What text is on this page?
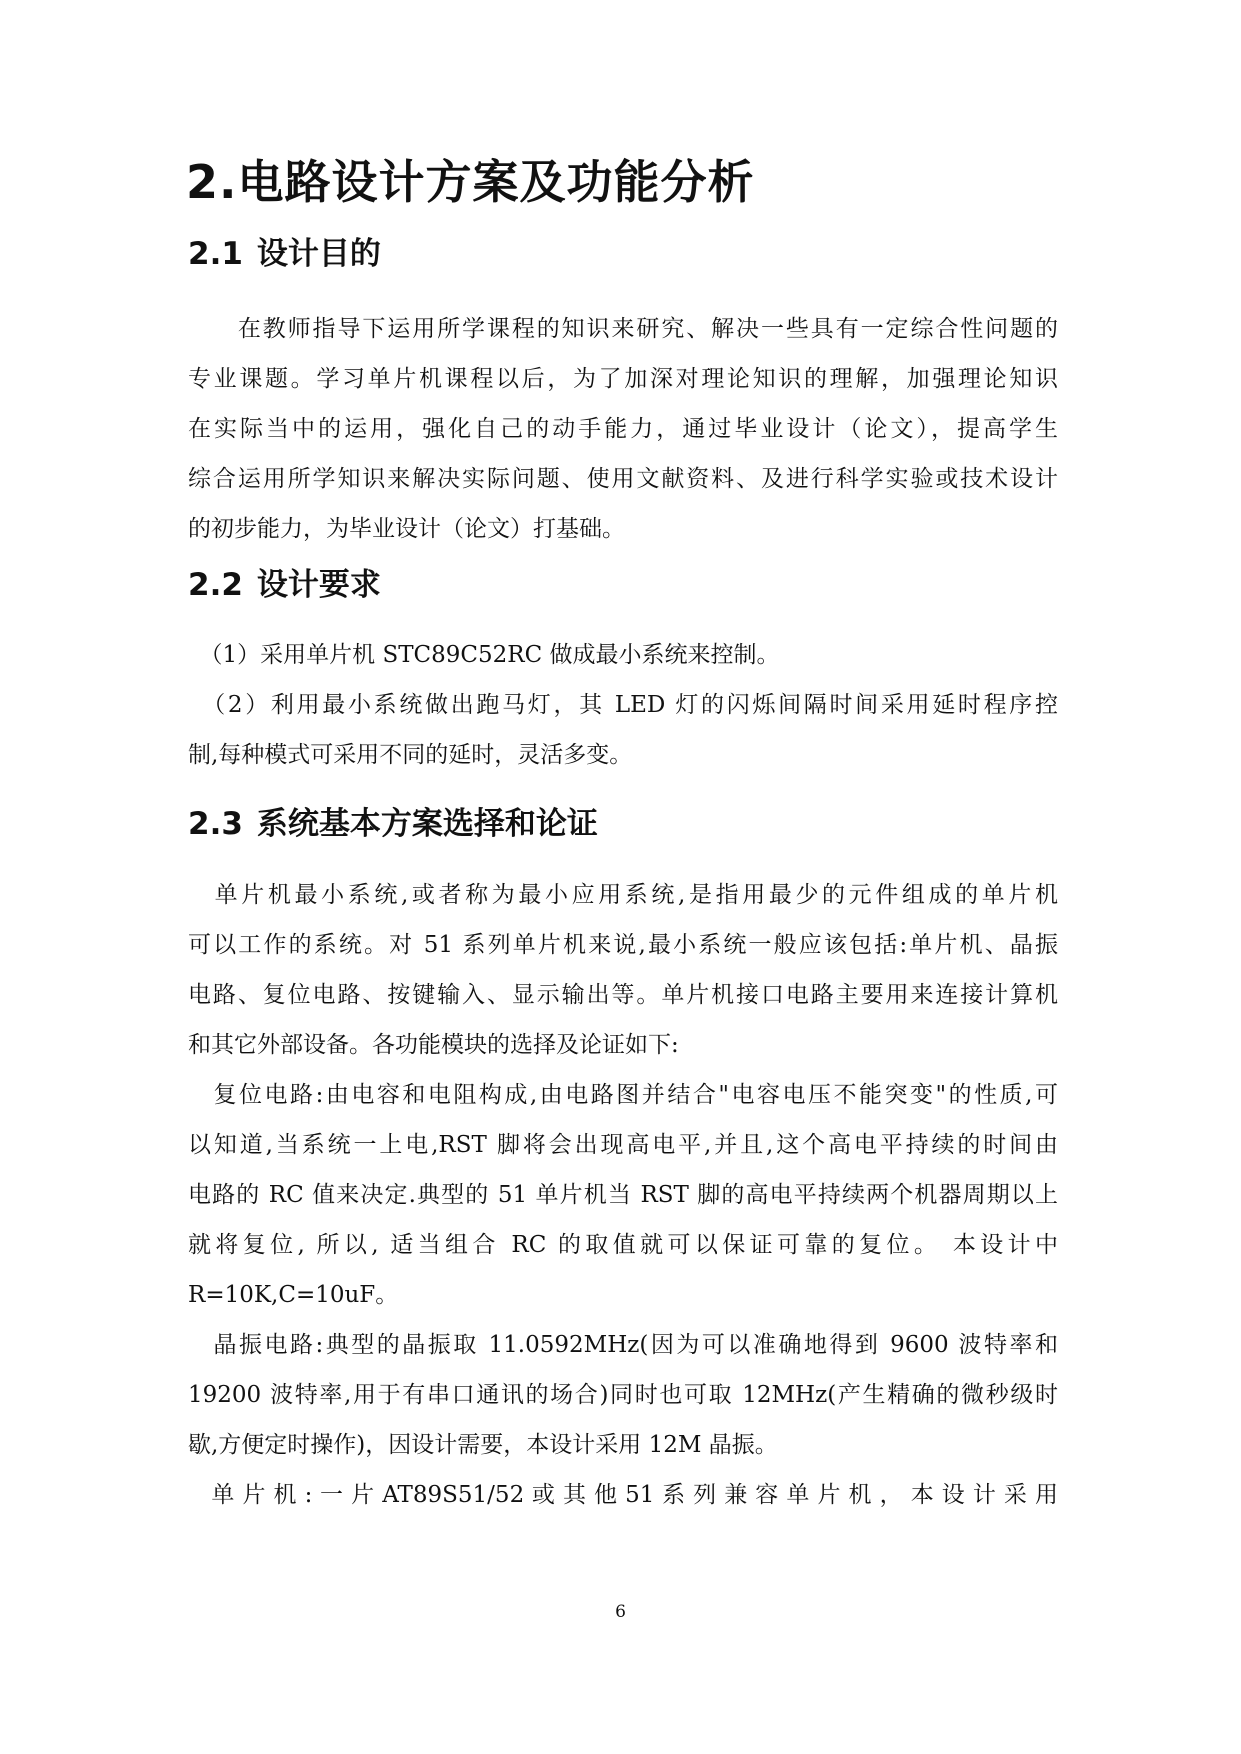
2.电路设计方案及功能分析
2.1 设计目的
　　在教师指导下运用所学课程的知识来研究、解决一些具有一定综合性问题的
专业课题。学习单片机课程以后，为了加深对理论知识的理解，加强理论知识
在实际当中的运用，强化自己的动手能力，通过毕业设计（论文），提高学生
综合运用所学知识来解决实际问题、使用文献资料、及进行科学实验或技术设计
的初步能力，为毕业设计（论文）打基础。
2.2 设计要求
　（1）采用单片机 STC89C52RC 做成最小系统来控制。
　（2）利用最小系统做出跑马灯，其 LED 灯的闪烁间隔时间采用延时程序控
制,每种模式可采用不同的延时，灵活多变。
2.3 系统基本方案选择和论证
　单片机最小系统,或者称为最小应用系统,是指用最少的元件组成的单片机
可以工作的系统。对 51 系列单片机来说,最小系统一般应该包括:单片机、晶振
电路、复位电路、按键输入、显示输出等。单片机接口电路主要用来连接计算机
和其它外部设备。各功能模块的选择及论证如下:
　复位电路:由电容和电阻构成,由电路图并结合"电容电压不能突变"的性质,可
以知道,当系统一上电,RST 脚将会出现高电平,并且,这个高电平持续的时间由
电路的 RC 值来决定.典型的 51 单片机当 RST 脚的高电平持续两个机器周期以上
就将复位, 所以, 适当组合 RC 的取值就可以保证可靠的复位。 本设计中
R=10K,C=10uF。
　晶振电路:典型的晶振取 11.0592MHz(因为可以准确地得到 9600 波特率和
19200 波特率,用于有串口通讯的场合)同时也可取 12MHz(产生精确的微秒级时
歇,方便定时操作)，因设计需要，本设计采用 12M 晶振。
　单 片 机 : 一 片 AT89S51/52 或 其 他 51 系 列 兼 容 单 片 机 ， 本 设 计 采 用
6
